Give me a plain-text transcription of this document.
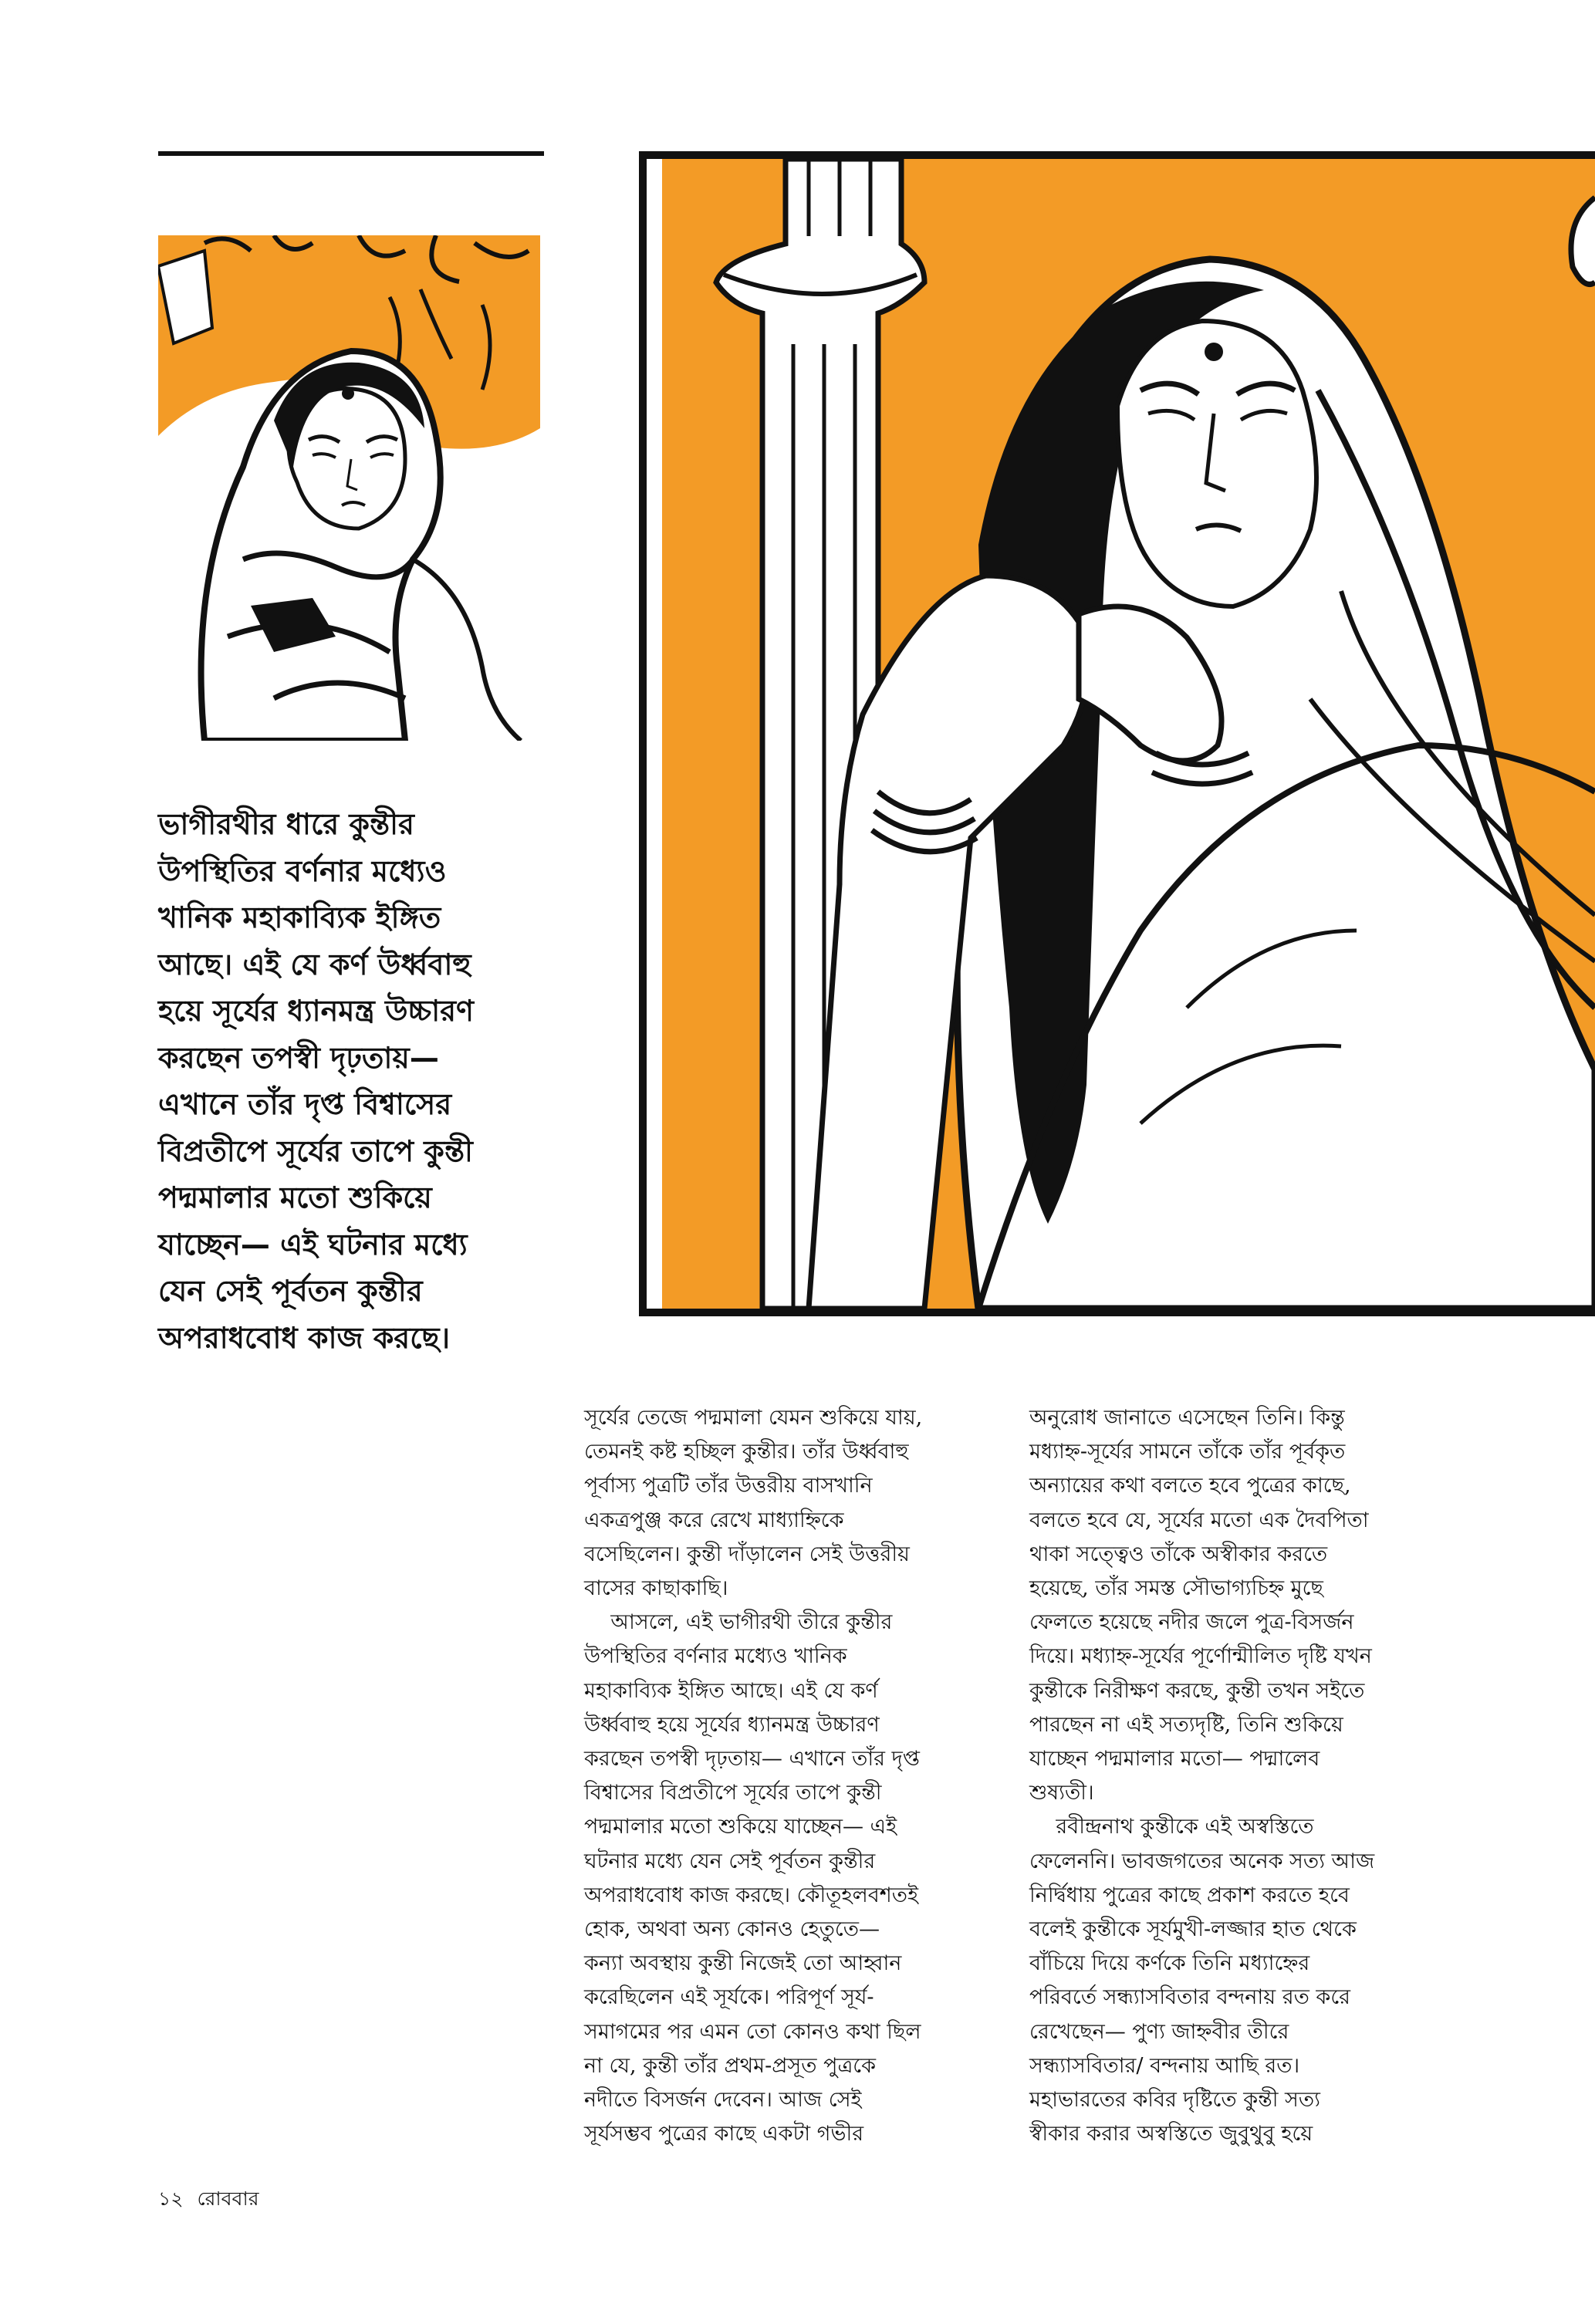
ভাগীরথীর ধারে কুন্তীর
উপস্থিতির বর্ণনার মধ্যেও
খানিক মহাকাব্যিক ইঙ্গিত
আছে। এই যে কর্ণ উর্ধ্ববাহু
হয়ে সূর্যের ধ্যানমন্ত্র উচ্চারণ
করছেন তপস্বী দৃঢ়তায়—
এখানে তাঁর দৃপ্ত বিশ্বাসের
বিপ্রতীপে সূর্যের তাপে কুন্তী
পদ্মমালার মতো শুকিয়ে
যাচ্ছেন— এই ঘটনার মধ্যে
যেন সেই পূর্বতন কুন্তীর
অপরাধবোধ কাজ করছে।
সূর্যের তেজে পদ্মমালা যেমন শুকিয়ে যায়,
তেমনই কষ্ট হচ্ছিল কুন্তীর। তাঁর উর্ধ্ববাহু
পূর্বাস্য পুত্রটি তাঁর উত্তরীয় বাসখানি
একত্রপুঞ্জ করে রেখে মাধ্যাহ্নিকে
বসেছিলেন। কুন্তী দাঁড়ালেন সেই উত্তরীয়
বাসের কাছাকাছি।
আসলে, এই ভাগীরথী তীরে কুন্তীর
উপস্থিতির বর্ণনার মধ্যেও খানিক
মহাকাব্যিক ইঙ্গিত আছে। এই যে কর্ণ
উর্ধ্ববাহু হয়ে সূর্যের ধ্যানমন্ত্র উচ্চারণ
করছেন তপস্বী দৃঢ়তায়— এখানে তাঁর দৃপ্ত
বিশ্বাসের বিপ্রতীপে সূর্যের তাপে কুন্তী
পদ্মমালার মতো শুকিয়ে যাচ্ছেন— এই
ঘটনার মধ্যে যেন সেই পূর্বতন কুন্তীর
অপরাধবোধ কাজ করছে। কৌতূহলবশতই
হোক, অথবা অন্য কোনও হেতুতে—
কন্যা অবস্থায় কুন্তী নিজেই তো আহ্বান
করেছিলেন এই সূর্যকে। পরিপূর্ণ সূর্য-
সমাগমের পর এমন তো কোনও কথা ছিল
না যে, কুন্তী তাঁর প্রথম-প্রসূত পুত্রকে
নদীতে বিসর্জন দেবেন। আজ সেই
সূর্যসম্ভব পুত্রের কাছে একটা গভীর
অনুরোধ জানাতে এসেছেন তিনি। কিন্তু
মধ্যাহ্ন-সূর্যের সামনে তাঁকে তাঁর পূর্বকৃত
অন্যায়ের কথা বলতে হবে পুত্রের কাছে,
বলতে হবে যে, সূর্যের মতো এক দৈবপিতা
থাকা সত্ত্বেও তাঁকে অস্বীকার করতে
হয়েছে, তাঁর সমস্ত সৌভাগ্যচিহ্ন মুছে
ফেলতে হয়েছে নদীর জলে পুত্র-বিসর্জন
দিয়ে। মধ্যাহ্ন-সূর্যের পূর্ণোন্মীলিত দৃষ্টি যখন
কুন্তীকে নিরীক্ষণ করছে, কুন্তী তখন সইতে
পারছেন না এই সত্যদৃষ্টি, তিনি শুকিয়ে
যাচ্ছেন পদ্মমালার মতো— পদ্মালেব
শুষ্যতী।
রবীন্দ্রনাথ কুন্তীকে এই অস্বস্তিতে
ফেলেননি। ভাবজগতের অনেক সত্য আজ
নির্দ্বিধায় পুত্রের কাছে প্রকাশ করতে হবে
বলেই কুন্তীকে সূর্যমুখী-লজ্জার হাত থেকে
বাঁচিয়ে দিয়ে কর্ণকে তিনি মধ্যাহ্নের
পরিবর্তে সন্ধ্যাসবিতার বন্দনায় রত করে
রেখেছেন— পুণ্য জাহ্নবীর তীরে
সন্ধ্যাসবিতার/ বন্দনায় আছি রত।
মহাভারতের কবির দৃষ্টিতে কুন্তী সত্য
স্বীকার করার অস্বস্তিতে জুবুথুবু হয়ে
১২ রোববার
